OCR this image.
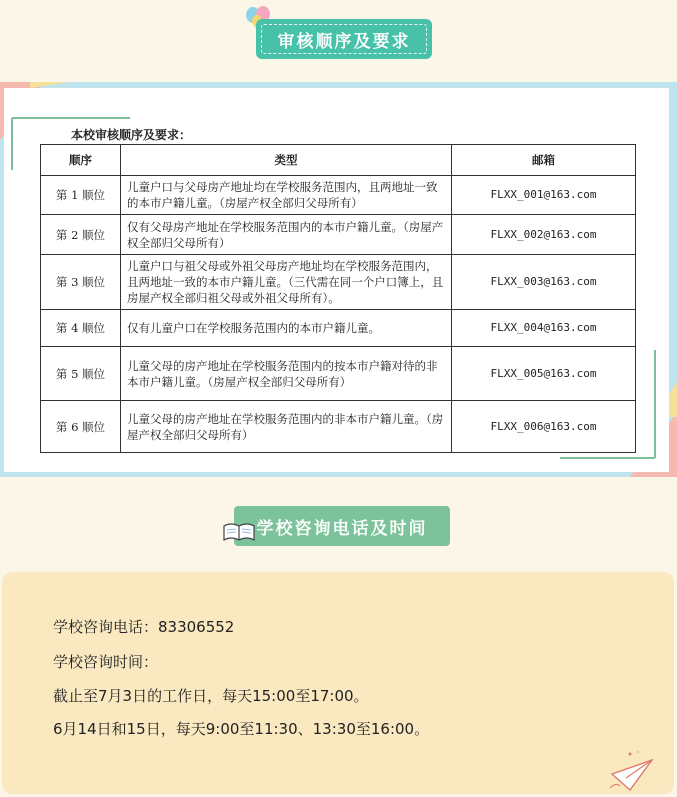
审核顺序及要求
本校审核顺序及要求：
顺序	类型	邮箱
第 1 顺位	儿童户口与父母房产地址均在学校服务范围内，且两地址一致的本市户籍儿童。（房屋产权全部归父母所有）	FLXX_001@163.com
第 2 顺位	仅有父母房产地址在学校服务范围内的本市户籍儿童。（房屋产权全部归父母所有）	FLXX_002@163.com
第 3 顺位	儿童户口与祖父母或外祖父母房产地址均在学校服务范围内，且两地址一致的本市户籍儿童。（三代需在同一个户口簿上，且房屋产权全部归祖父母或外祖父母所有）。	FLXX_003@163.com
第 4 顺位	仅有儿童户口在学校服务范围内的本市户籍儿童。	FLXX_004@163.com
第 5 顺位	儿童父母的房产地址在学校服务范围内的按本市户籍对待的非本市户籍儿童。（房屋产权全部归父母所有）	FLXX_005@163.com
第 6 顺位	儿童父母的房产地址在学校服务范围内的非本市户籍儿童。（房屋产权全部归父母所有）	FLXX_006@163.com
学校咨询电话及时间
学校咨询电话：83306552
学校咨询时间：
截止至7月3日的工作日，每天15:00至17:00。
6月14日和15日，每天9:00至11:30、13:30至16:00。
